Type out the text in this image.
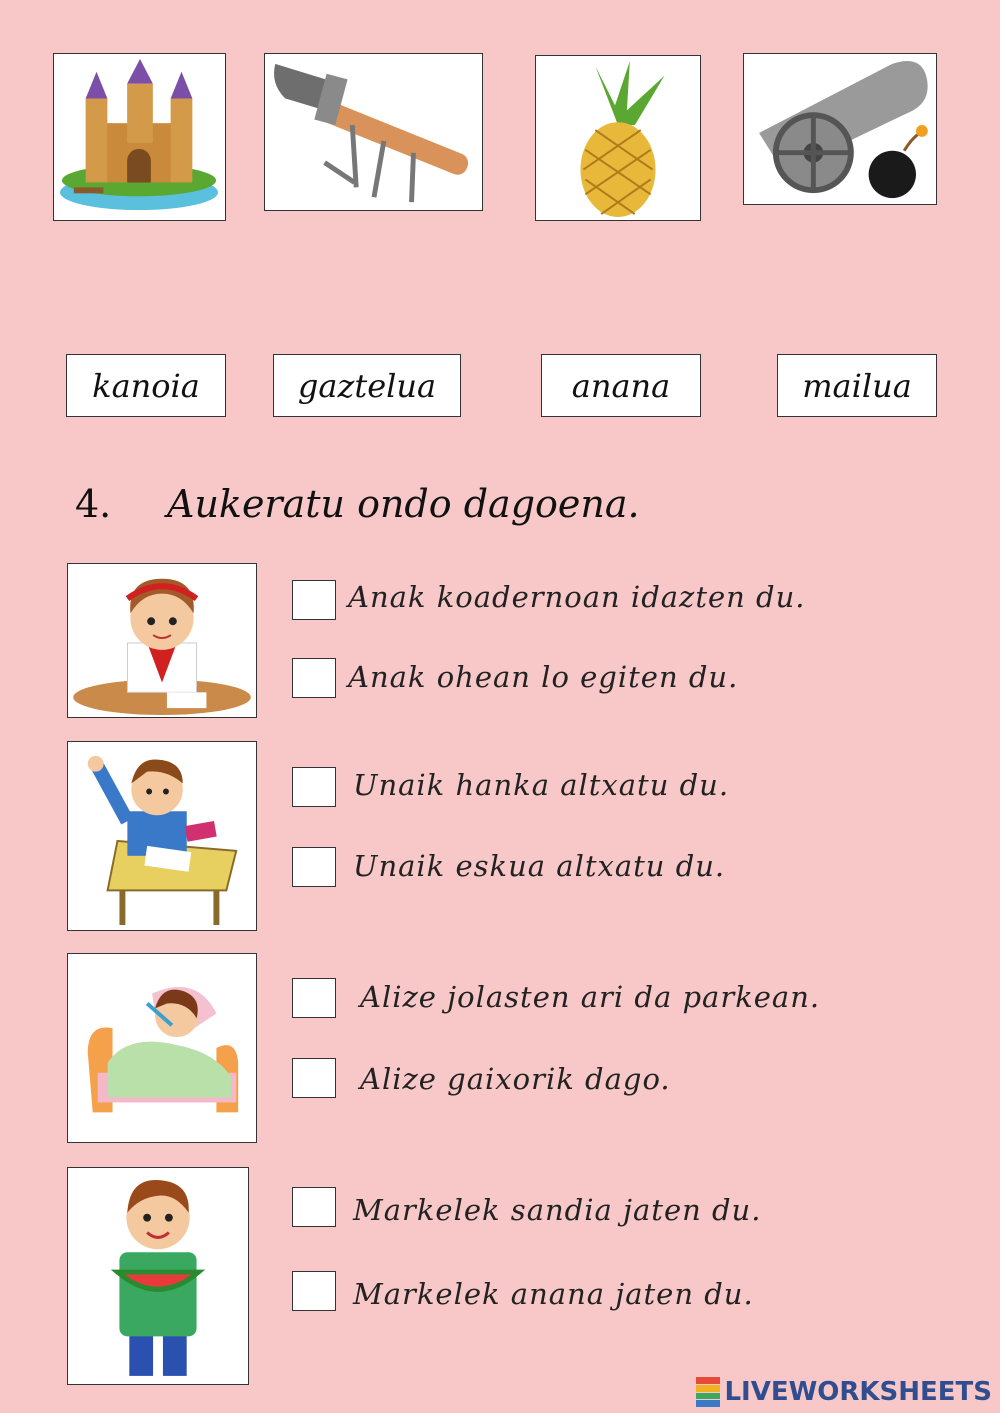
kanoia	gaztelua	anana	mailua
4. Aukeratu ondo dagoena.
Anak koadernoan idazten du.
Anak ohean lo egiten du.
Unaik hanka altxatu du.
Unaik eskua altxatu du.
Alize jolasten ari da parkean.
Alize gaixorik dago.
Markelek sandia jaten du.
Markelek anana jaten du.
LIVEWORKSHEETS
